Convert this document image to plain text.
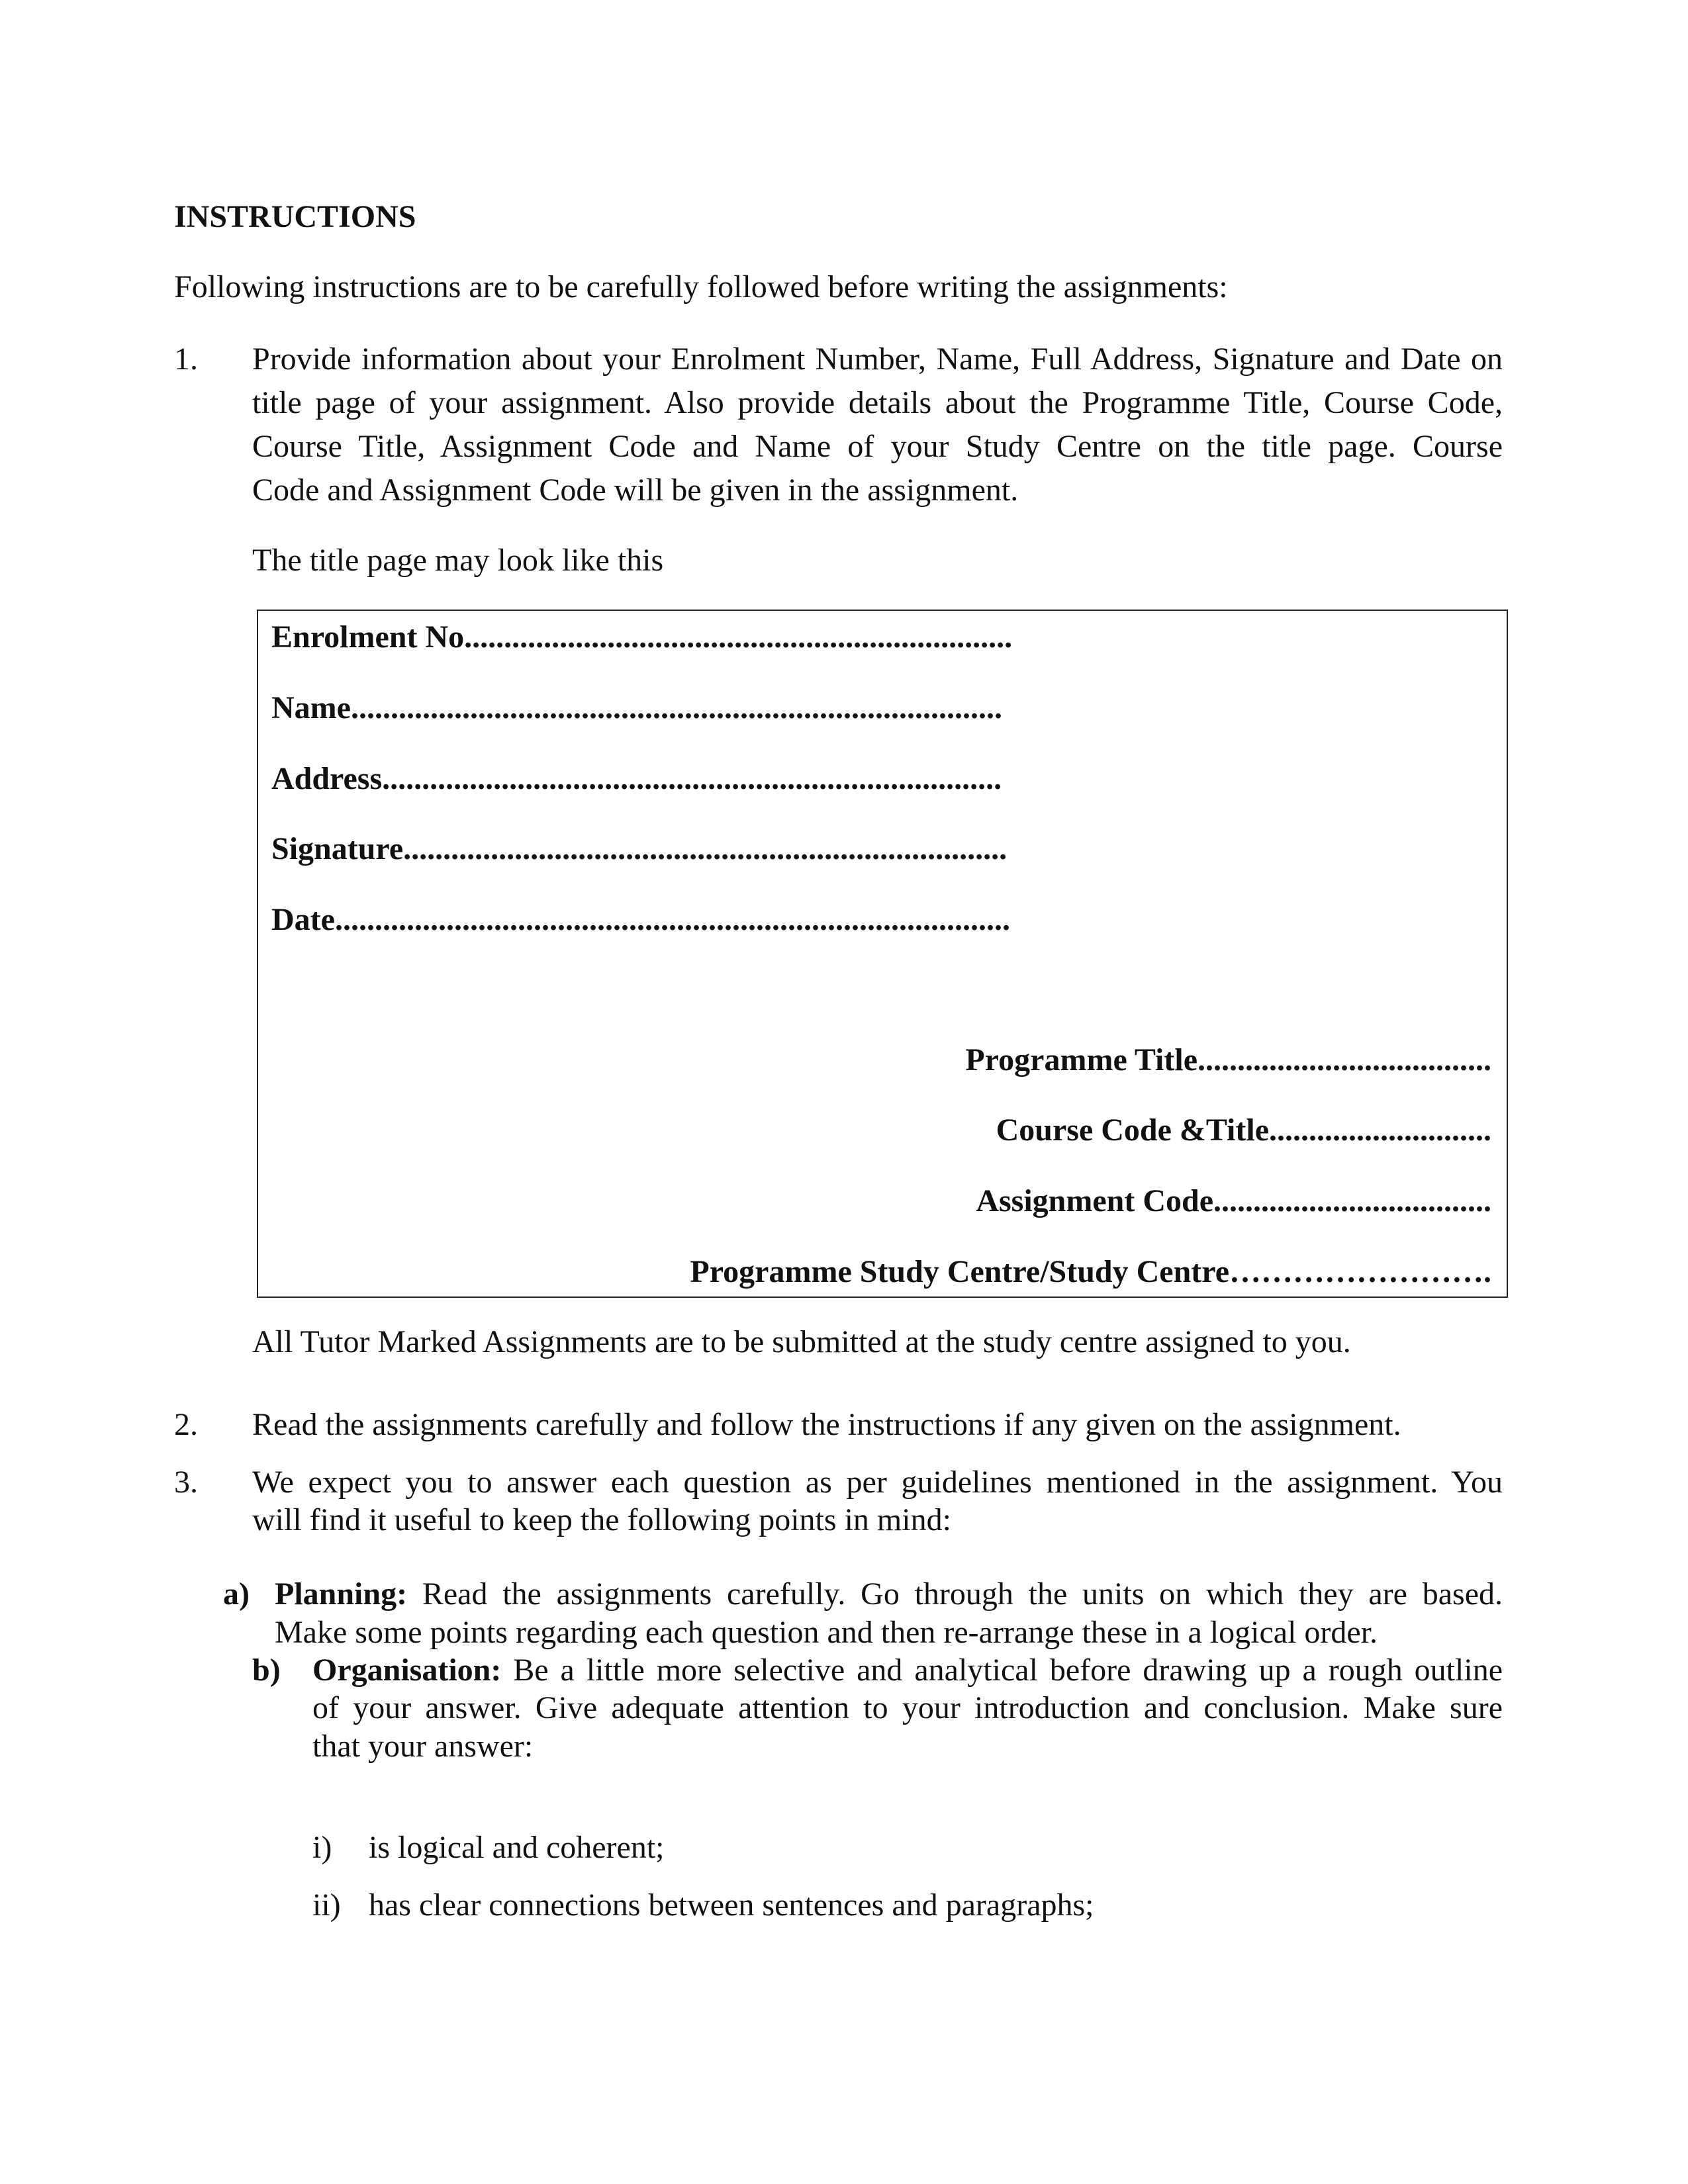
INSTRUCTIONS
Following instructions are to be carefully followed before writing the assignments:
1. Provide information about your Enrolment Number, Name, Full Address, Signature and Date on
title page of your assignment. Also provide details about the Programme Title, Course Code,
Course Title, Assignment Code and Name of your Study Centre on the title page. Course
Code and Assignment Code will be given in the assignment.
The title page may look like this
Enrolment No.....................................................................
Name..................................................................................
Address..............................................................................
Signature............................................................................
Date.....................................................................................
Programme Title.....................................
Course Code &Title............................
Assignment Code...................................
Programme Study Centre/Study Centre…………………….
All Tutor Marked Assignments are to be submitted at the study centre assigned to you.
2. Read the assignments carefully and follow the instructions if any given on the assignment.
3. We expect you to answer each question as per guidelines mentioned in the assignment. You
will find it useful to keep the following points in mind:
a) Planning: Read the assignments carefully. Go through the units on which they are based.
Make some points regarding each question and then re-arrange these in a logical order.
b) Organisation: Be a little more selective and analytical before drawing up a rough outline
of your answer. Give adequate attention to your introduction and conclusion. Make sure
that your answer:
i) is logical and coherent;
ii) has clear connections between sentences and paragraphs;
